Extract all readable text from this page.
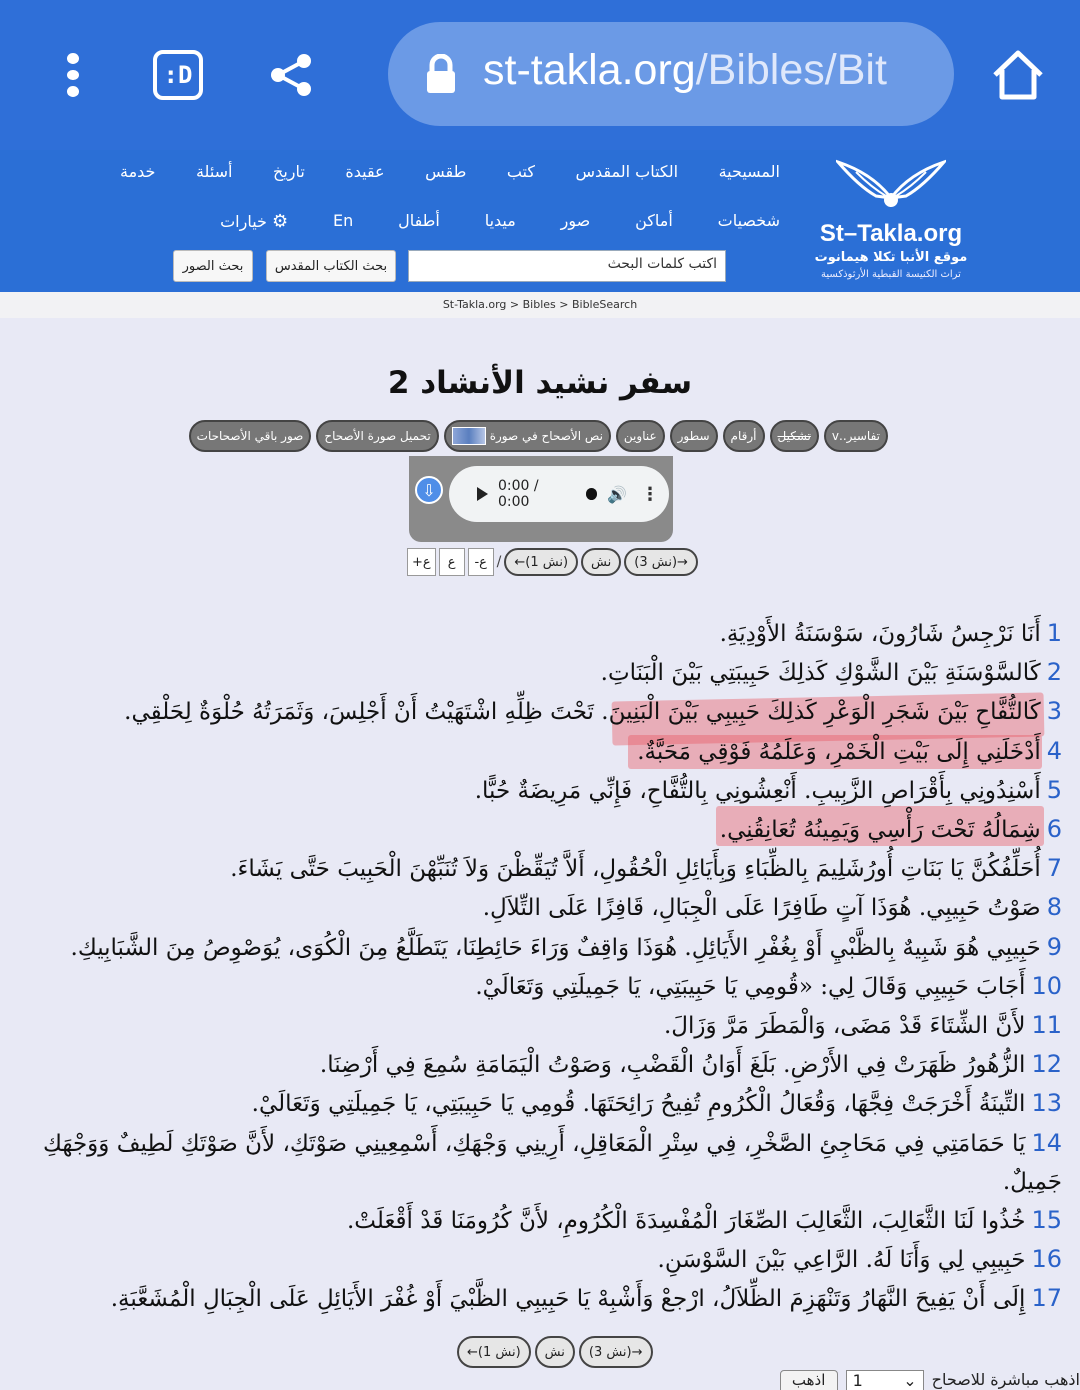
:D	st-takla.org/Bibles/Bit
St–Takla.org
موقع الأنبا تكلا هيمانوت
تراث الكنيسة القبطية الأرثوذكسية
المسيحية
الكتاب المقدس
كتب
طقس
عقيدة
تاريخ
أسئلة
خدمة
شخصيات
أماكن
صور
ميديا
أطفال
En
⚙ خيارات
اكتب كلمات البحث
بحث الكتاب المقدس
بحث الصور
St-Takla.org > Bibles > BibleSearch
سفر نشيد الأنشاد 2
تفاسير..v
تشكيل
أرقام
سطور
عناوين
نص الأصحاح في صورة
تحميل صورة الأصحاح
صور باقي الأصحاحات
⇩	0:00 / 0:00	🔊 ⋮
+ع	ع	-ع /	←(نش 1)	نش	(نش 3)→
1أَنَا نَرْجِسُ شَارُونَ، سَوْسَنَةُ الأَوْدِيَةِ.
2كَالسَّوْسَنَةِ بَيْنَ الشَّوْكِ كَذلِكَ حَبِيبَتِي بَيْنَ الْبَنَاتِ.
3كَالتُّفَّاحِ بَيْنَ شَجَرِ الْوَعْرِ كَذلِكَ حَبِيبِي بَيْنَ الْبَنِينَ. تَحْتَ ظِلِّهِ اشْتَهَيْتُ أَنْ أَجْلِسَ، وَثَمَرَتُهُ حُلْوَةٌ لِحَلْقِي.
4أَدْخَلَنِي إِلَى بَيْتِ الْخَمْرِ، وَعَلَمُهُ فَوْقِي مَحَبَّةٌ.
5أَسْنِدُونِي بِأَقْرَاصِ الزَّبِيبِ. أَنْعِشُونِي بِالتُّفَّاحِ، فَإِنِّي مَرِيضَةٌ حُبًّا.
6شِمَالُهُ تَحْتَ رَأْسِي وَيَمِينُهُ تُعَانِقُنِي.
7أُحَلِّفُكُنَّ يَا بَنَاتِ أُورُشَلِيمَ بِالظِّبَاءِ وَبِأَيَائِلِ الْحُقُولِ، أَلاَّ تُيَقِّظْنَ وَلاَ تُنَبِّهْنَ الْحَبِيبَ حَتَّى يَشَاءَ.
8صَوْتُ حَبِيبِي. هُوَذَا آتٍ طَافِرًا عَلَى الْجِبَالِ، قَافِزًا عَلَى التِّلاَلِ.
9حَبِيبِي هُوَ شَبِيهٌ بِالظَّبْيِ أَوْ بِغُفْرِ الأَيَائِلِ. هُوَذَا وَاقِفٌ وَرَاءَ حَائِطِنَا، يَتَطَلَّعُ مِنَ الْكُوَى، يُوَصْوِصُ مِنَ الشَّبَابِيكِ.
10أَجَابَ حَبِيبِي وَقَالَ لِي: «قُومِي يَا حَبِيبَتِي، يَا جَمِيلَتِي وَتَعَالَيْ.
11لأَنَّ الشِّتَاءَ قَدْ مَضَى، وَالْمَطَرَ مَرَّ وَزَالَ.
12الزُّهُورُ ظَهَرَتْ فِي الأَرْضِ. بَلَغَ أَوَانُ الْقَضْبِ، وَصَوْتُ الْيَمَامَةِ سُمِعَ فِي أَرْضِنَا.
13التِّينَةُ أَخْرَجَتْ فِجَّهَا، وَقُعَالُ الْكُرُومِ تُفِيحُ رَائِحَتَهَا. قُومِي يَا حَبِيبَتِي، يَا جَمِيلَتِي وَتَعَالَيْ.
14يَا حَمَامَتِي فِي مَحَاجِئِ الصَّخْرِ، فِي سِتْرِ الْمَعَاقِلِ، أَرِينِي وَجْهَكِ، أَسْمِعِينِي صَوْتَكِ، لأَنَّ صَوْتَكِ لَطِيفٌ وَوَجْهَكِ جَمِيلٌ.
15خُذُوا لَنَا الثَّعَالِبَ، الثَّعَالِبَ الصِّغَارَ الْمُفْسِدَةَ الْكُرُومِ، لأَنَّ كُرُومَنَا قَدْ أَقْعَلَتْ.
16حَبِيبِي لِي وَأَنَا لَهُ. الرَّاعِي بَيْنَ السَّوْسَنِ.
17إِلَى أَنْ يَفِيحَ النَّهَارُ وَتَنْهَزِمَ الظِّلاَلُ، ارْجعْ وَأَشْبِهْ يَا حَبِيبِي الظَّبْيَ أَوْ غُفْرَ الأَيَائِلِ عَلَى الْجِبَالِ الْمُشَعَّبَةِ.
←(نش 1)	نش	(نش 3)→
اذهب مباشرة للاصحاح
1	⌄
اذهب
